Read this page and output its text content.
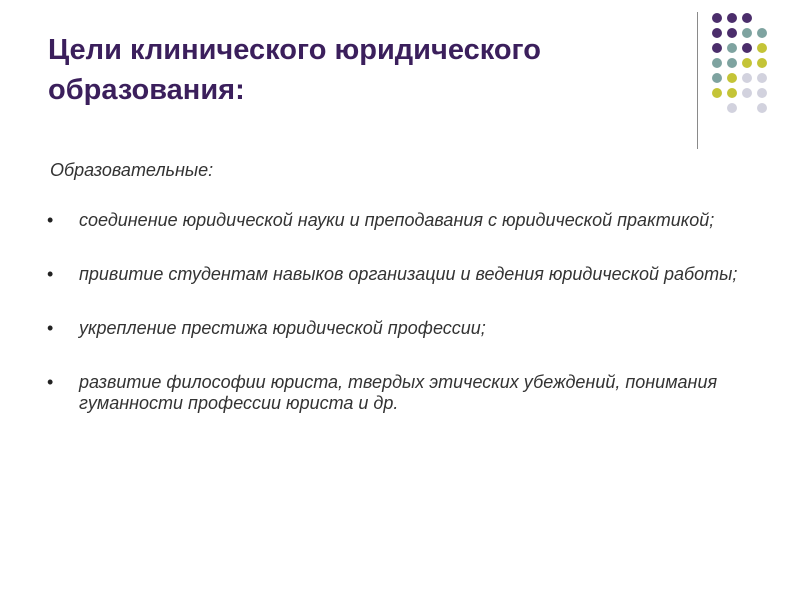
Цели клинического юридического образования:
Образовательные:
•	соединение юридической науки и преподавания с юридической практикой;
•	привитие студентам навыков организации и ведения юридической работы;
•	укрепление престижа юридической профессии;
•	развитие философии юриста, твердых этических убеждений, понимания гуманности профессии юриста и др.
